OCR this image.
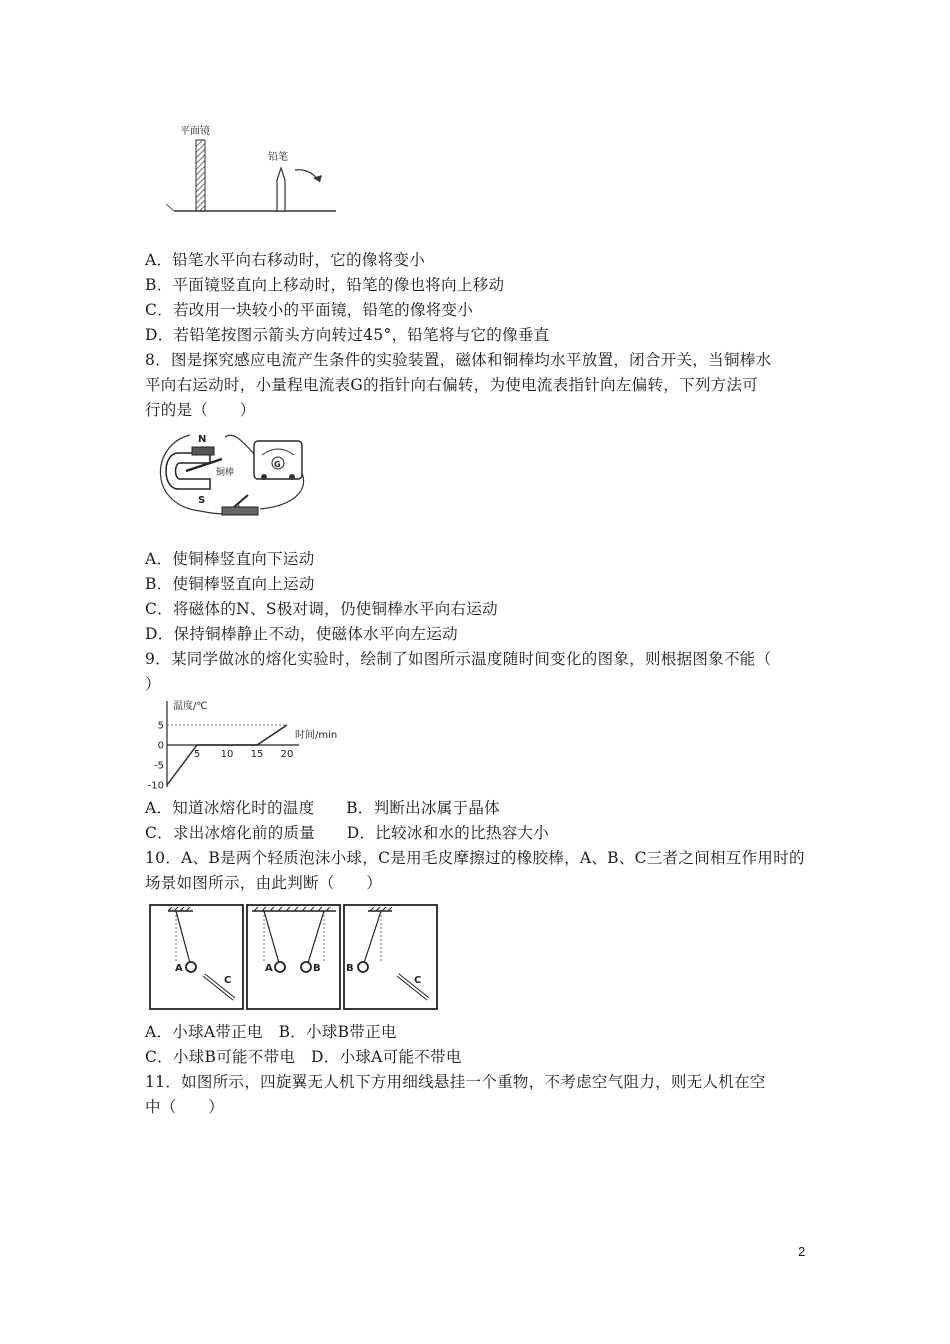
平面镜
铅笔
A．铅笔水平向右移动时，它的像将变小
B．平面镜竖直向上移动时，铅笔的像也将向上移动
C．若改用一块较小的平面镜，铅笔的像将变小
D．若铅笔按图示箭头方向转过45°，铅笔将与它的像垂直
8．图是探究感应电流产生条件的实验装置，磁体和铜棒均水平放置，闭合开关，当铜棒水
平向右运动时，小量程电流表G的指针向右偏转，为使电流表指针向左偏转，下列方法可
行的是（　　）
N
S
铜棒
G
A．使铜棒竖直向下运动
B．使铜棒竖直向上运动
C．将磁体的N、S极对调，仍使铜棒水平向右运动
D．保持铜棒静止不动，使磁体水平向左运动
9．某同学做冰的熔化实验时，绘制了如图所示温度随时间变化的图象，则根据图象不能（
）
温度/℃
时间/min
5
0
-5
-10
5 10 15 20
A．知道冰熔化时的温度　　B．判断出冰属于晶体
C．求出冰熔化前的质量　　D．比较冰和水的比热容大小
10．A、B是两个轻质泡沫小球，C是用毛皮摩擦过的橡胶棒，A、B、C三者之间相互作用时的
场景如图所示，由此判断（　　）
A
C
A	B	B
C
A．小球A带正电　B．小球B带正电
C．小球B可能不带电　D．小球A可能不带电
11．如图所示，四旋翼无人机下方用细线悬挂一个重物，不考虑空气阻力，则无人机在空
中（　　）
2
